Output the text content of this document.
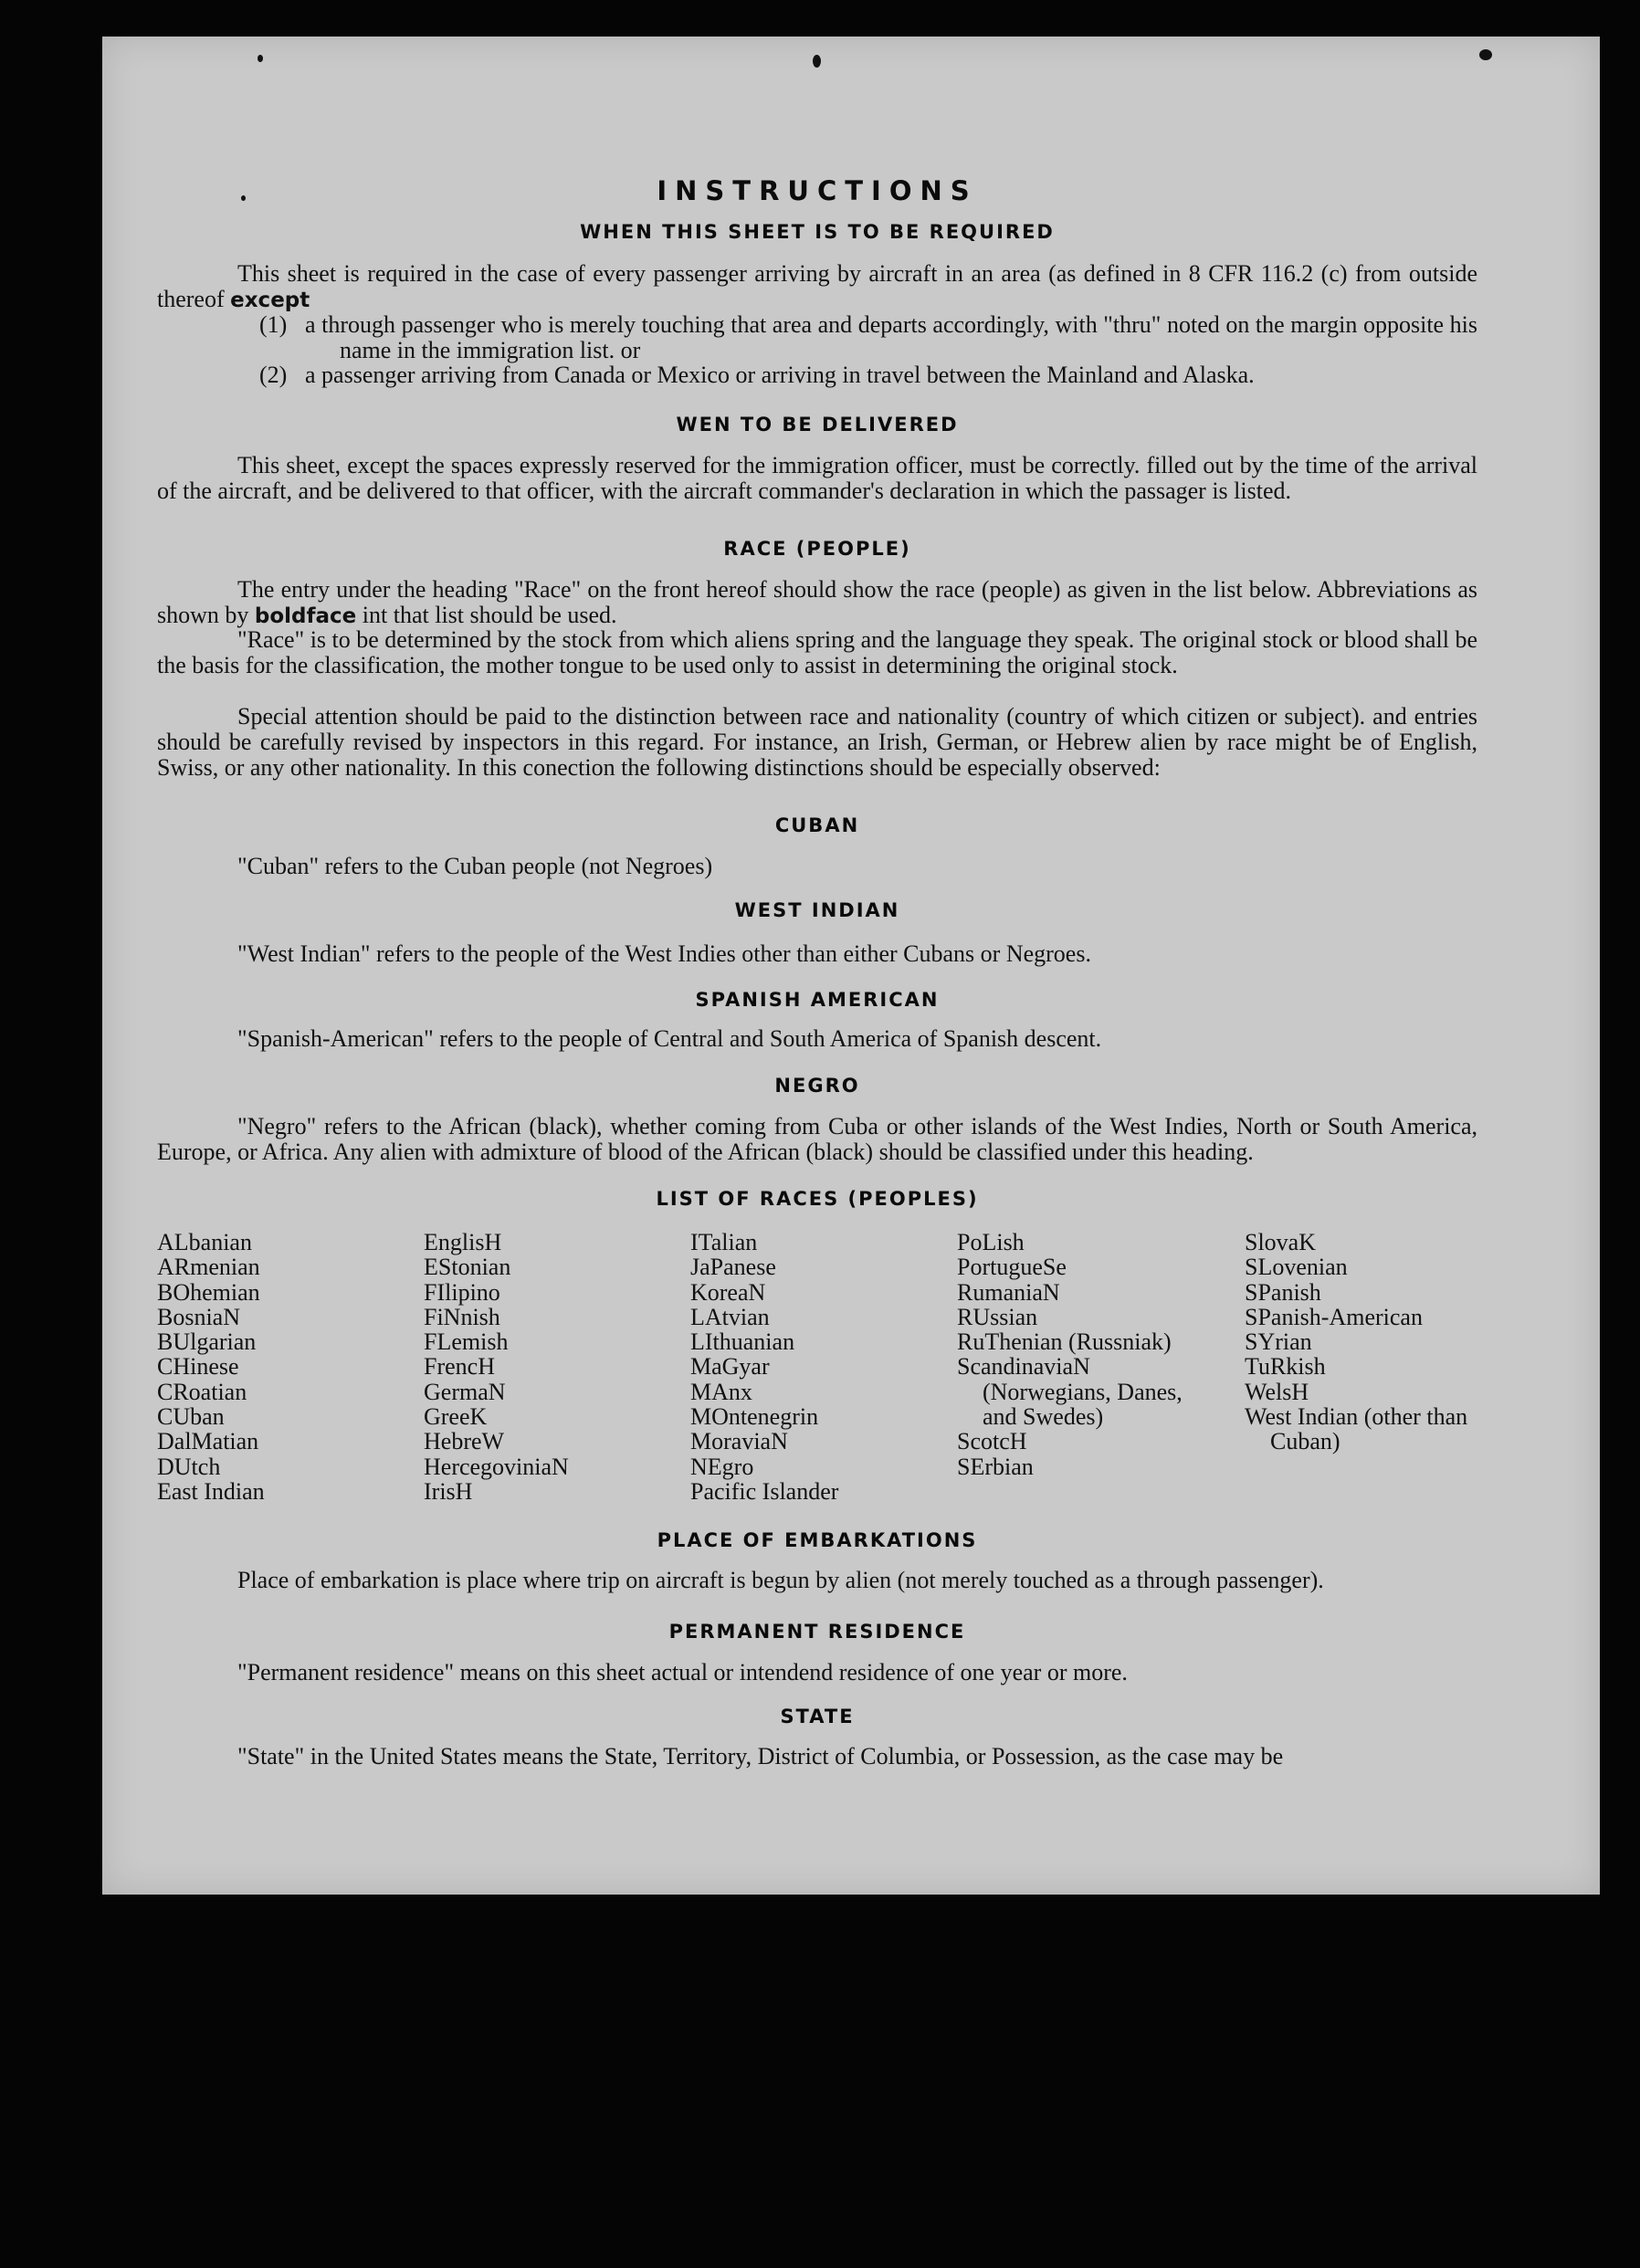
INSTRUCTIONS
WHEN THIS SHEET IS TO BE REQUIRED

This sheet is required in the case of every passenger arriving by aircraft in an area (as defined in 8 CFR 116.2 (c) from outside thereof except

(1) a through passenger who is merely touching that area and departs accordingly, with "thru" noted on the margin opposite his name in the immigration list. or

(2) a passenger arriving from Canada or Mexico or arriving in travel between the Mainland and Alaska.

WEN TO BE DELIVERED

This sheet, except the spaces expressly reserved for the immigration officer, must be correctly. filled out by the time of the arrival of the aircraft, and be delivered to that officer, with the aircraft commander's declaration in which the passager is listed.

RACE (PEOPLE)

The entry under the heading "Race" on the front hereof should show the race (people) as given in the list below. Abbreviations as shown by boldface int that list should be used.

"Race" is to be determined by the stock from which aliens spring and the language they speak. The original stock or blood shall be the basis for the classification, the mother tongue to be used only to assist in determining the original stock.

Special attention should be paid to the distinction between race and nationality (country of which citizen or subject). and entries should be carefully revised by inspectors in this regard. For instance, an Irish, German, or Hebrew alien by race might be of English, Swiss, or any other nationality. In this conection the following distinctions should be especially observed:

CUBAN

"Cuban" refers to the Cuban people (not Negroes)

WEST INDIAN

"West Indian" refers to the people of the West Indies other than either Cubans or Negroes.

SPANISH AMERICAN

"Spanish-American" refers to the people of Central and South America of Spanish descent.

NEGRO

"Negro" refers to the African (black), whether coming from Cuba or other islands of the West Indies, North or South America, Europe, or Africa. Any alien with admixture of blood of the African (black) should be classified under this heading.

LIST OF RACES (PEOPLES)
ALbanian
ARmenian
BOhemian
BosniaN
BUlgarian
CHinese
CRoatian
CUban
DalMatian
DUtch
East Indian
EnglisH
EStonian
FIlipino
FiNnish
FLemish
FrencH
GermaN
GreeK
HebreW
HercegoviniaN
IrisH
ITalian
JaPanese
KoreaN
LAtvian
LIthuanian
MaGyar
MAnx
MOntenegrin
MoraviaN
NEgro
Pacific Islander
PoLish
PortugueSe
RumaniaN
RUssian
RuThenian (Russniak)
ScandinaviaN (Norwegians, Danes, and Swedes)
ScotcH
SErbian
SlovaK
SLovenian
SPanish
SPanish-American
SYrian
TuRkish
WelsH
West Indian (other than Cuban)
PLACE OF EMBARKATIONS

Place of embarkation is place where trip on aircraft is begun by alien (not merely touched as a through passenger).

PERMANENT RESIDENCE

"Permanent residence" means on this sheet actual or intendend residence of one year or more.

STATE

"State" in the United States means the State, Territory, District of Columbia, or Possession, as the case may be
